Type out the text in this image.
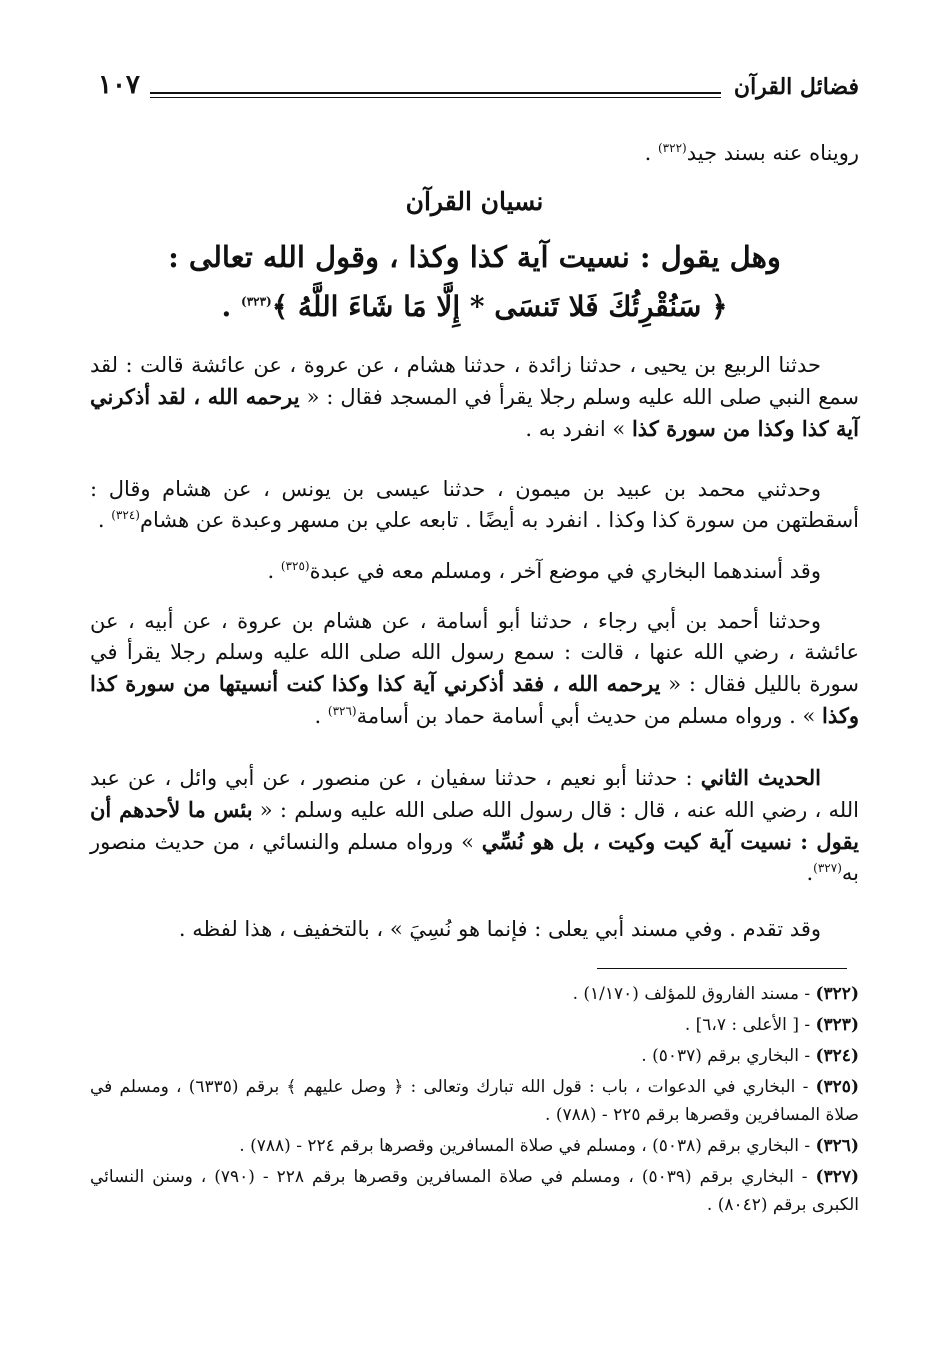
١٠٧	فضائل القرآن
رويناه عنه بسند جيد$^{(٣٢٢)}$ .
نسيان القرآن
وهل يقول : نسيت آية كذا وكذا ، وقول الله تعالى :
﴿ سَنُقْرِئُكَ فَلا تَنسَى * إِلَّا مَا شَاءَ اللَّهُ ﴾$^{(٣٢٣)}$ .
حدثنا الربيع بن يحيى ، حدثنا زائدة ، حدثنا هشام ، عن عروة ، عن عائشة قالت : لقد سمع النبي صلى الله عليه وسلم رجلا يقرأ في المسجد فقال : « يرحمه الله ، لقد أذكرني آية كذا وكذا من سورة كذا » انفرد به .
وحدثني محمد بن عبيد بن ميمون ، حدثنا عيسى بن يونس ، عن هشام وقال : أسقطتهن من سورة كذا وكذا . انفرد به أيضًا . تابعه علي بن مسهر وعبدة عن هشام$^{(٣٢٤)}$ .
وقد أسندهما البخاري في موضع آخر ، ومسلم معه في عبدة$^{(٣٢٥)}$ .
وحدثنا أحمد بن أبي رجاء ، حدثنا أبو أسامة ، عن هشام بن عروة ، عن أبيه ، عن عائشة ، رضي الله عنها ، قالت : سمع رسول الله صلى الله عليه وسلم رجلا يقرأ في سورة بالليل فقال : « يرحمه الله ، فقد أذكرني آية كذا وكذا كنت أنسيتها من سورة كذا وكذا » . ورواه مسلم من حديث أبي أسامة حماد بن أسامة$^{(٣٢٦)}$ .
الحديث الثاني : حدثنا أبو نعيم ، حدثنا سفيان ، عن منصور ، عن أبي وائل ، عن عبد الله ، رضي الله عنه ، قال : قال رسول الله صلى الله عليه وسلم : « بئس ما لأحدهم أن يقول : نسيت آية كيت وكيت ، بل هو نُسِّي » ورواه مسلم والنسائي ، من حديث منصور به$^{(٣٢٧)}$.
وقد تقدم . وفي مسند أبي يعلى : فإنما هو نُسِيَ » ، بالتخفيف ، هذا لفظه .
(٣٢٢) - مسند الفاروق للمؤلف (١/١٧٠) .
(٣٢٣) - [ الأعلى : ٦،٧] .
(٣٢٤) - البخاري برقم (٥٠٣٧) .
(٣٢٥) - البخاري في الدعوات ، باب : قول الله تبارك وتعالى : ﴿ وصل عليهم ﴾ برقم (٦٣٣٥) ، ومسلم في صلاة المسافرين وقصرها برقم ٢٢٥ - (٧٨٨) .
(٣٢٦) - البخاري برقم (٥٠٣٨) ، ومسلم في صلاة المسافرين وقصرها برقم ٢٢٤ - (٧٨٨) .
(٣٢٧) - البخاري برقم (٥٠٣٩) ، ومسلم في صلاة المسافرين وقصرها برقم ٢٢٨ - (٧٩٠) ، وسنن النسائي الكبرى برقم (٨٠٤٢) .
